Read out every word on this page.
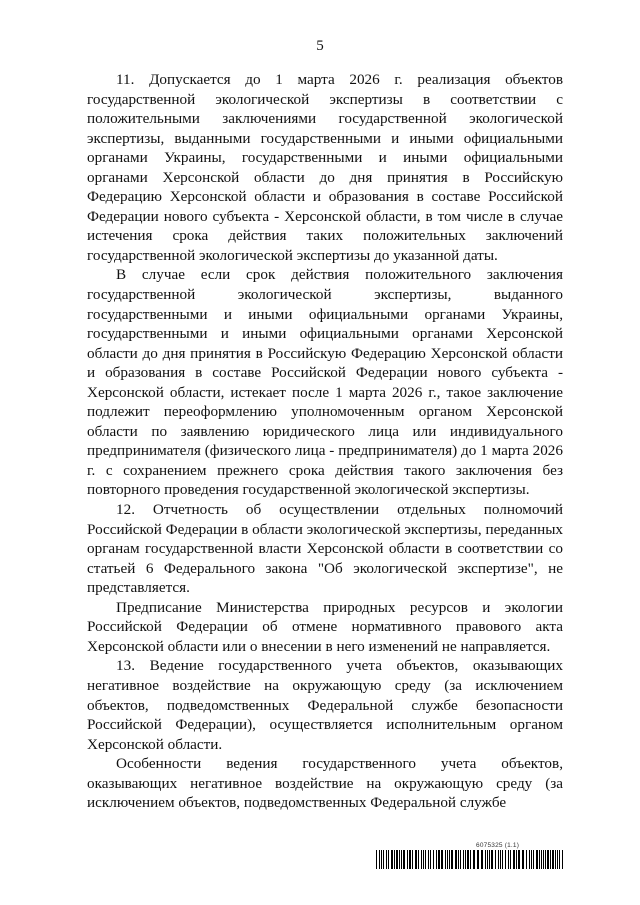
5

11. Допускается до 1 марта 2026 г. реализация объектов государственной экологической экспертизы в соответствии с положительными заключениями государственной экологической экспертизы, выданными государственными и иными официальными органами Украины, государственными и иными официальными органами Херсонской области до дня принятия в Российскую Федерацию Херсонской области и образования в составе Российской Федерации нового субъекта - Херсонской области, в том числе в случае истечения срока действия таких положительных заключений государственной экологической экспертизы до указанной даты.

В случае если срок действия положительного заключения государственной экологической экспертизы, выданного государственными и иными официальными органами Украины, государственными и иными официальными органами Херсонской области до дня принятия в Российскую Федерацию Херсонской области и образования в составе Российской Федерации нового субъекта - Херсонской области, истекает после 1 марта 2026 г., такое заключение подлежит переоформлению уполномоченным органом Херсонской области по заявлению юридического лица или индивидуального предпринимателя (физического лица - предпринимателя) до 1 марта 2026 г. с сохранением прежнего срока действия такого заключения без повторного проведения государственной экологической экспертизы.

12. Отчетность об осуществлении отдельных полномочий Российской Федерации в области экологической экспертизы, переданных органам государственной власти Херсонской области в соответствии со статьей 6 Федерального закона "Об экологической экспертизе", не представляется.

Предписание Министерства природных ресурсов и экологии Российской Федерации об отмене нормативного правового акта Херсонской области или о внесении в него изменений не направляется.

13. Ведение государственного учета объектов, оказывающих негативное воздействие на окружающую среду (за исключением объектов, подведомственных Федеральной службе безопасности Российской Федерации), осуществляется исполнительным органом Херсонской области.

Особенности ведения государственного учета объектов, оказывающих негативное воздействие на окружающую среду (за исключением объектов, подведомственных Федеральной службе

6075325 (1.1)
